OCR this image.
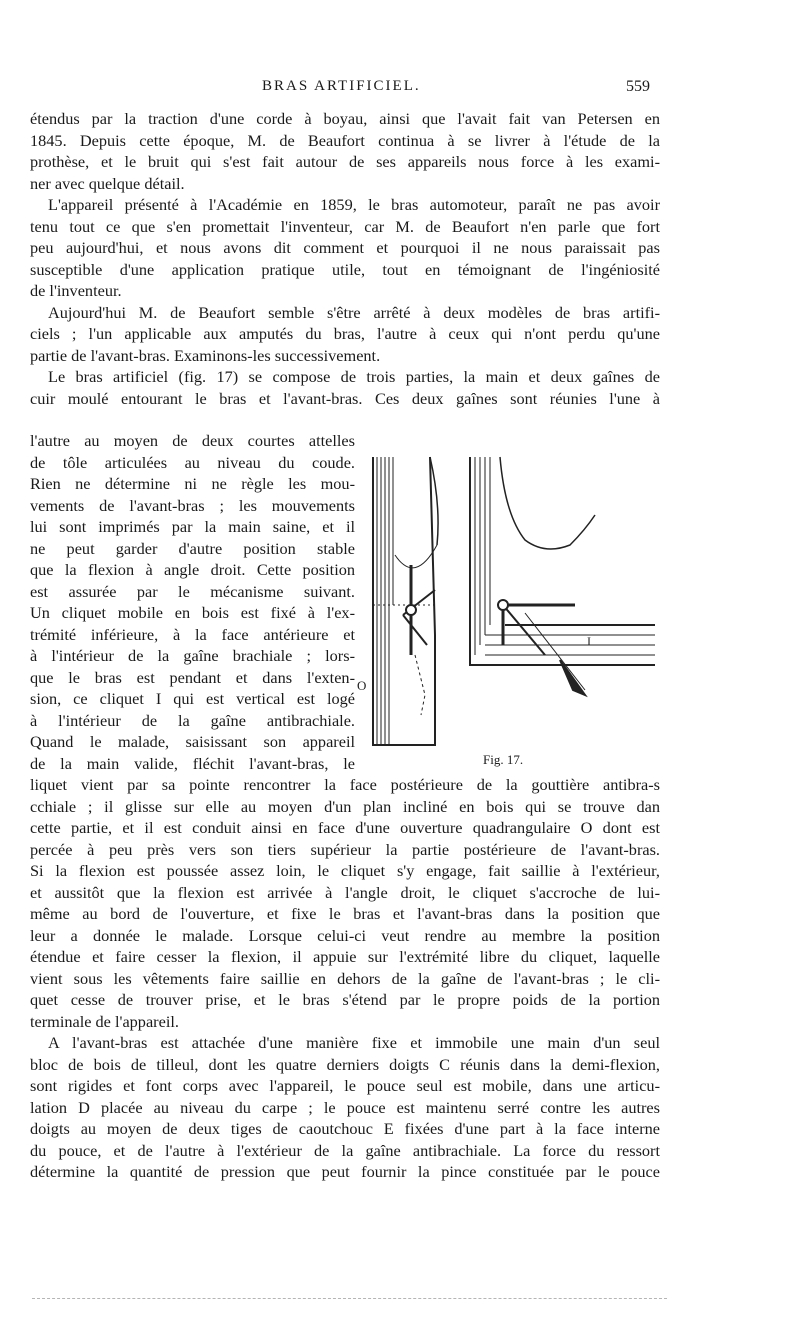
BRAS ARTIFICIEL.	559
étendus par la traction d'une corde à boyau, ainsi que l'avait fait van Petersen en
1845. Depuis cette époque, M. de Beaufort continua à se livrer à l'étude de la
prothèse, et le bruit qui s'est fait autour de ses appareils nous force à les exami-
ner avec quelque détail.
L'appareil présenté à l'Académie en 1859, le bras automoteur, paraît ne pas avoir
tenu tout ce que s'en promettait l'inventeur, car M. de Beaufort n'en parle que fort
peu aujourd'hui, et nous avons dit comment et pourquoi il ne nous paraissait pas
susceptible d'une application pratique utile, tout en témoignant de l'ingéniosité
de l'inventeur.
Aujourd'hui M. de Beaufort semble s'être arrêté à deux modèles de bras artifi-
ciels ; l'un applicable aux amputés du bras, l'autre à ceux qui n'ont perdu qu'une
partie de l'avant-bras. Examinons-les successivement.
Le bras artificiel (fig. 17) se compose de trois parties, la main et deux gaînes de
cuir moulé entourant le bras et l'avant-bras. Ces deux gaînes sont réunies l'une à
l'autre au moyen de deux courtes attelles
de tôle articulées au niveau du coude.
Rien ne détermine ni ne règle les mou-
vements de l'avant-bras ; les mouvements
lui sont imprimés par la main saine, et il
ne peut garder d'autre position stable
que la flexion à angle droit. Cette position
est assurée par le mécanisme suivant.
Un cliquet mobile en bois est fixé à l'ex-
trémité inférieure, à la face antérieure et
à l'intérieur de la gaîne brachiale ; lors-
que le bras est pendant et dans l'exten-
sion, ce cliquet I qui est vertical est logé
à l'intérieur de la gaîne antibrachiale.
Quand le malade, saisissant son appareil
de la main valide, fléchit l'avant-bras, le
liquet vient par sa pointe rencontrer la face postérieure de la gouttière antibra-s
cchiale ; il glisse sur elle au moyen d'un plan incliné en bois qui se trouve dan
cette partie, et il est conduit ainsi en face d'une ouverture quadrangulaire O dont est
percée à peu près vers son tiers supérieur la partie postérieure de l'avant-bras.
Si la flexion est poussée assez loin, le cliquet s'y engage, fait saillie à l'extérieur,
et aussitôt que la flexion est arrivée à l'angle droit, le cliquet s'accroche de lui-
même au bord de l'ouverture, et fixe le bras et l'avant-bras dans la position que
leur a donnée le malade. Lorsque celui-ci veut rendre au membre la position
étendue et faire cesser la flexion, il appuie sur l'extrémité libre du cliquet, laquelle
vient sous les vêtements faire saillie en dehors de la gaîne de l'avant-bras ; le cli-
quet cesse de trouver prise, et le bras s'étend par le propre poids de la portion
terminale de l'appareil.
A l'avant-bras est attachée d'une manière fixe et immobile une main d'un seul
bloc de bois de tilleul, dont les quatre derniers doigts C réunis dans la demi-flexion,
sont rigides et font corps avec l'appareil, le pouce seul est mobile, dans une articu-
lation D placée au niveau du carpe ; le pouce est maintenu serré contre les autres
doigts au moyen de deux tiges de caoutchouc E fixées d'une part à la face interne
du pouce, et de l'autre à l'extérieur de la gaîne antibrachiale. La force du ressort
détermine la quantité de pression que peut fournir la pince constituée par le pouce
O
I
Fig. 17.
